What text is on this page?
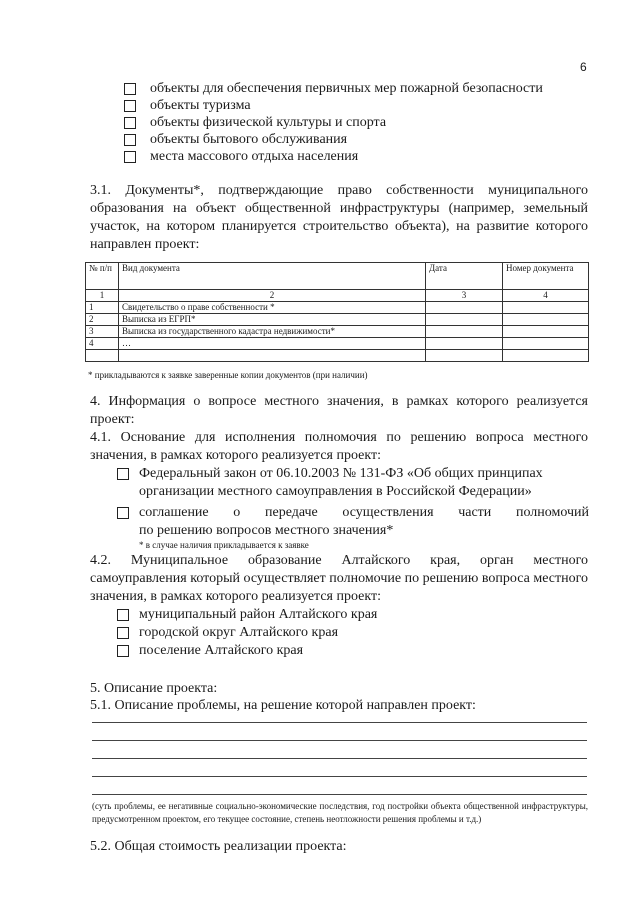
6
объекты для обеспечения первичных мер пожарной безопасности
объекты туризма
объекты физической культуры и спорта
объекты бытового обслуживания
места массового отдыха населения
3.1. Документы*, подтверждающие право собственности муниципального образования на объект общественной инфраструктуры (например, земельный участок, на котором планируется строительство объекта), на развитие которого направлен проект:
№ п/п	Вид документа	Дата	Номер документа
1	2	3	4
1	Свидетельство о праве собственности *		
2	Выписка из ЕГРП*		
3	Выписка из государственного кадастра недвижимости*		
4	…		

* прикладываются к заявке заверенные копии документов (при наличии)
4. Информация о вопросе местного значения, в рамках которого реализуется проект:
4.1. Основание для исполнения полномочия по решению вопроса местного значения, в рамках которого реализуется проект:
Федеральный закон от 06.10.2003 № 131-ФЗ «Об общих принципах
организации местного самоуправления в Российской Федерации»
соглашение о передаче осуществления части полномочий
по решению вопросов местного значения*
* в случае наличия прикладывается к заявке
4.2. Муниципальное образование Алтайского края, орган местного самоуправления который осуществляет полномочие по решению вопроса местного значения, в рамках которого реализуется проект:
муниципальный район Алтайского края
городской округ Алтайского края
поселение Алтайского края
5. Описание проекта:
5.1. Описание проблемы, на решение которой направлен проект:
(суть проблемы, ее негативные социально-экономические последствия, год постройки объекта общественной инфраструктуры, предусмотренном проектом, его текущее состояние, степень неотложности решения проблемы и т.д.)
5.2. Общая стоимость реализации проекта:
